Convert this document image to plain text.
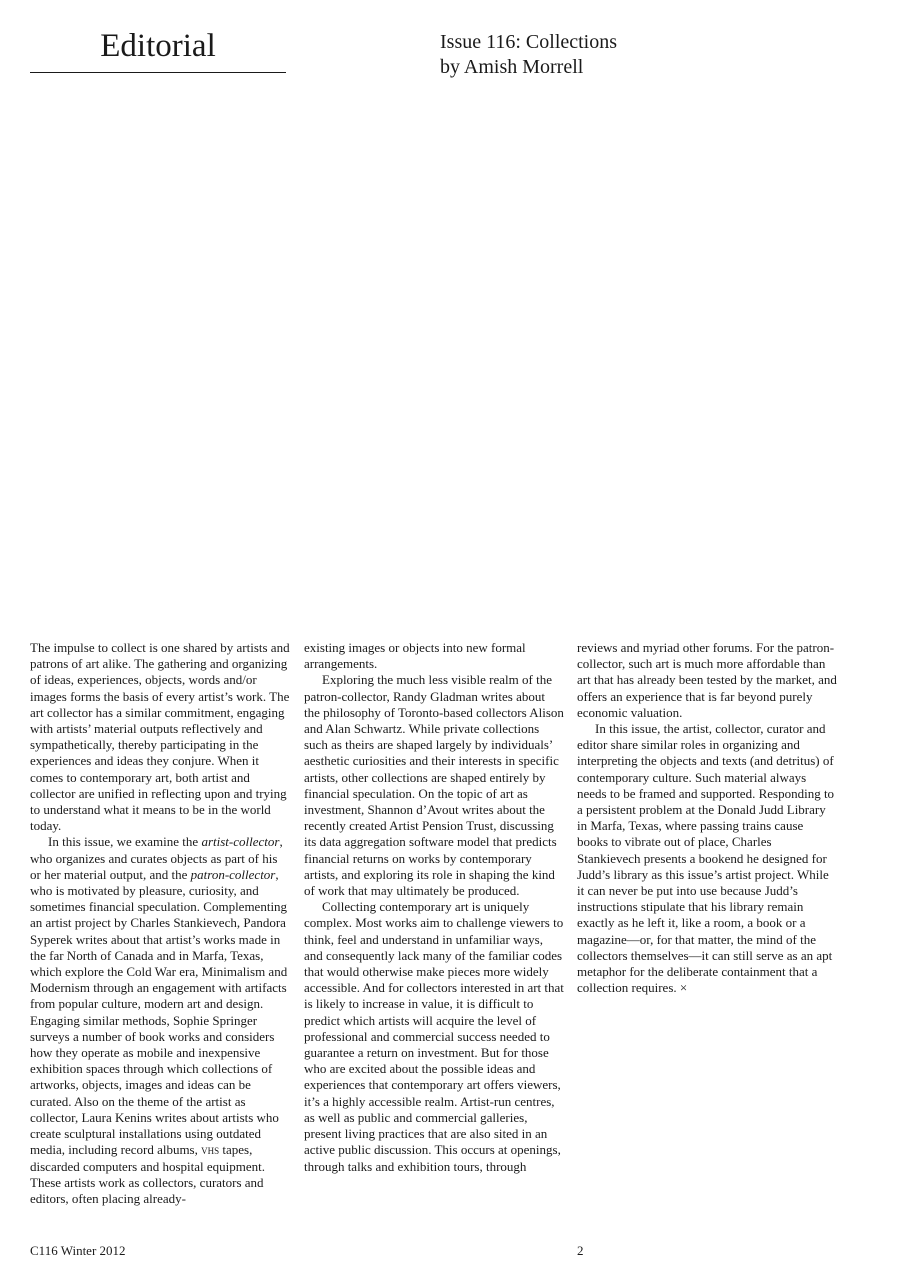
Editorial	Issue 116: Collections
by Amish Morrell

The impulse to collect is one shared by artists and patrons of art alike. The gathering and organizing of ideas, experiences, objects, words and/or images forms the basis of every artist’s work. The art collector has a similar commitment, engaging with artists’ material outputs reflectively and sympathetically, thereby participating in the experiences and ideas they conjure. When it comes to contemporary art, both artist and collector are unified in reflecting upon and trying to understand what it means to be in the world today.

In this issue, we examine the artist-collector, who organizes and curates objects as part of his or her material output, and the patron-collector, who is motivated by pleasure, curiosity, and sometimes financial speculation. Complementing an artist project by Charles Stankievech, Pandora Syperek writes about that artist’s works made in the far North of Canada and in Marfa, Texas, which explore the Cold War era, Minimalism and Modernism through an engagement with artifacts from popular culture, modern art and design. Engaging similar methods, Sophie Springer surveys a number of book works and considers how they operate as mobile and inexpensive exhibition spaces through which collections of artworks, objects, images and ideas can be curated. Also on the theme of the artist as collector, Laura Kenins writes about artists who create sculptural installations using outdated media, including record albums, vhs tapes, discarded computers and hospital equipment. These artists work as collectors, curators and editors, often placing already-

existing images or objects into new formal arrangements.

Exploring the much less visible realm of the patron-collector, Randy Gladman writes about the philosophy of Toronto-based collectors Alison and Alan Schwartz. While private collections such as theirs are shaped largely by individuals’ aesthetic curiosities and their interests in specific artists, other collections are shaped entirely by financial speculation. On the topic of art as investment, Shannon d’Avout writes about the recently created Artist Pension Trust, discussing its data aggregation software model that predicts financial returns on works by contemporary artists, and exploring its role in shaping the kind of work that may ultimately be produced.

Collecting contemporary art is uniquely complex. Most works aim to challenge viewers to think, feel and understand in unfamiliar ways, and consequently lack many of the familiar codes that would otherwise make pieces more widely accessible. And for collectors interested in art that is likely to increase in value, it is difficult to predict which artists will acquire the level of professional and commercial success needed to guarantee a return on investment. But for those who are excited about the possible ideas and experiences that contemporary art offers viewers, it’s a highly accessible realm. Artist-run centres, as well as public and commercial galleries, present living practices that are also sited in an active public discussion. This occurs at openings, through talks and exhibition tours, through

reviews and myriad other forums. For the patron-collector, such art is much more affordable than art that has already been tested by the market, and offers an experience that is far beyond purely economic valuation.

In this issue, the artist, collector, curator and editor share similar roles in organizing and interpreting the objects and texts (and detritus) of contemporary culture. Such material always needs to be framed and supported. Responding to a persistent problem at the Donald Judd Library in Marfa, Texas, where passing trains cause books to vibrate out of place, Charles Stankievech presents a bookend he designed for Judd’s library as this issue’s artist project. While it can never be put into use because Judd’s instructions stipulate that his library remain exactly as he left it, like a room, a book or a magazine—or, for that matter, the mind of the collectors themselves—it can still serve as an apt metaphor for the deliberate containment that a collection requires. ×

C116 Winter 2012	2
